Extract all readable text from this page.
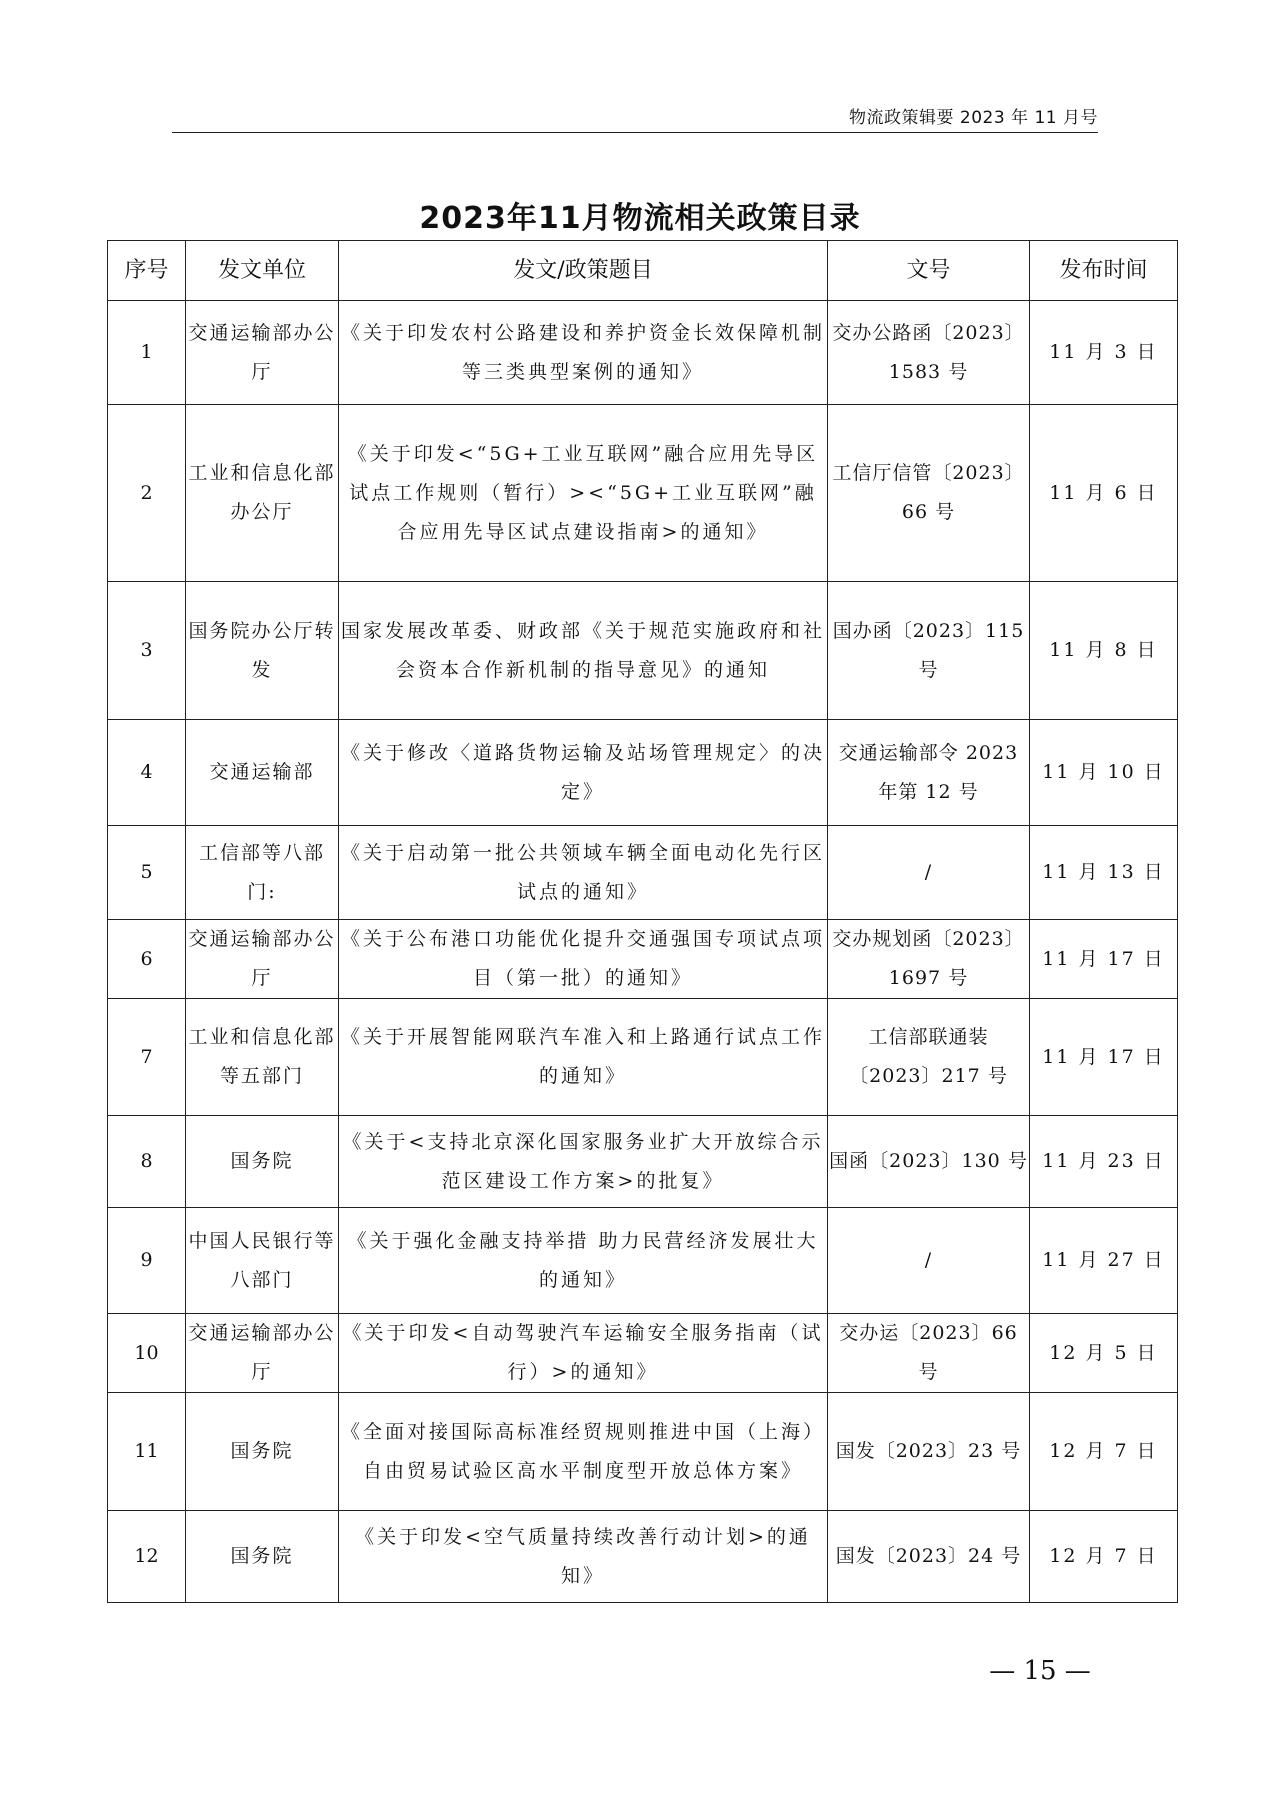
物流政策辑要 2023 年 11 月号
2023年11月物流相关政策目录
序号	发文单位	发文/政策题目	文号	发布时间
1	交通运输部办公厅	《关于印发农村公路建设和养护资金长效保障机制等三类典型案例的通知》	交办公路函〔2023〕1583 号	11 月 3 日
2	工业和信息化部办公厅	《关于印发<“5G+工业互联网”融合应用先导区试点工作规则（暂行）><“5G+工业互联网”融合应用先导区试点建设指南>的通知》	工信厅信管〔2023〕66 号	11 月 6 日
3	国务院办公厅转发	国家发展改革委、财政部《关于规范实施政府和社会资本合作新机制的指导意见》的通知	国办函〔2023〕115 号	11 月 8 日
4	交通运输部	《关于修改〈道路货物运输及站场管理规定〉的决定》	交通运输部令 2023 年第 12 号	11 月 10 日
5	工信部等八部门:	《关于启动第一批公共领域车辆全面电动化先行区试点的通知》	/	11 月 13 日
6	交通运输部办公厅	《关于公布港口功能优化提升交通强国专项试点项目（第一批）的通知》	交办规划函〔2023〕1697 号	11 月 17 日
7	工业和信息化部等五部门	《关于开展智能网联汽车准入和上路通行试点工作的通知》	工信部联通装〔2023〕217 号	11 月 17 日
8	国务院	《关于<支持北京深化国家服务业扩大开放综合示范区建设工作方案>的批复》	国函〔2023〕130 号	11 月 23 日
9	中国人民银行等八部门	《关于强化金融支持举措 助力民营经济发展壮大的通知》	/	11 月 27 日
10	交通运输部办公厅	《关于印发<自动驾驶汽车运输安全服务指南（试行）>的通知》	交办运〔2023〕66 号	12 月 5 日
11	国务院	《全面对接国际高标准经贸规则推进中国（上海）自由贸易试验区高水平制度型开放总体方案》	国发〔2023〕23 号	12 月 7 日
12	国务院	《关于印发<空气质量持续改善行动计划>的通知》	国发〔2023〕24 号	12 月 7 日
— 15 —
